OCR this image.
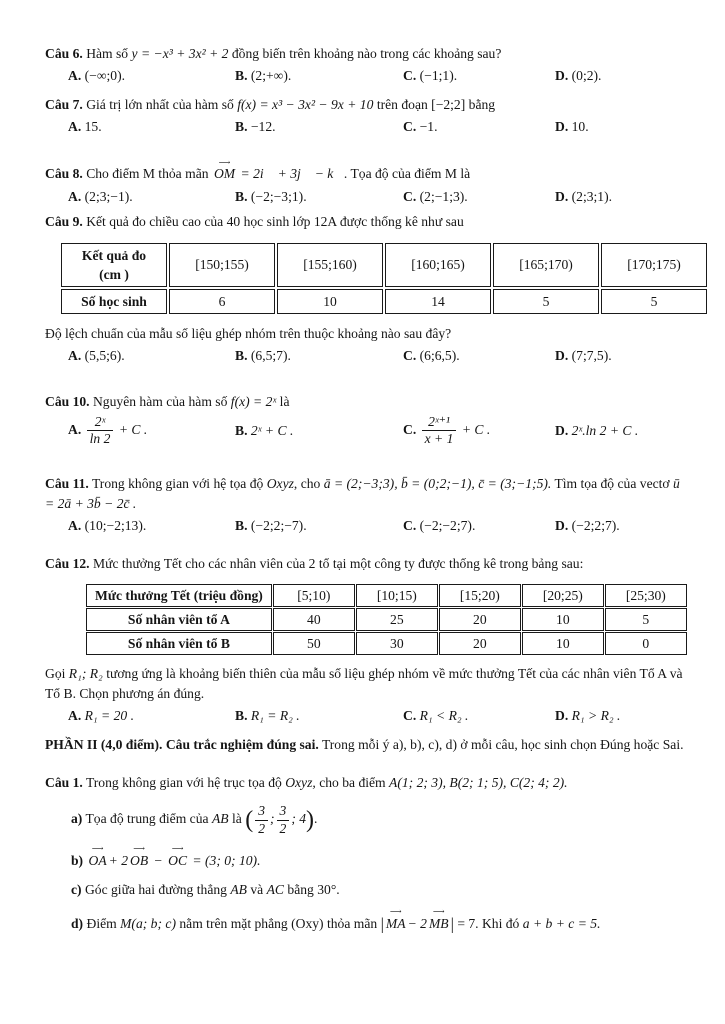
Câu 6. Hàm số y = −x³ + 3x² + 2 đồng biến trên khoảng nào trong các khoảng sau?

A. (−∞;0).	B. (2;+∞).	C. (−1;1).	D. (0;2).

Câu 7. Giá trị lớn nhất của hàm số f(x) = x³ − 3x² − 9x + 10 trên đoạn [−2;2] bằng

A. 15.	B. −12.	C. −1.	D. 10.

Câu 8. Cho điểm M thỏa mãn OM ⟶ = 2i⃗ + 3j⃗ − k⃗. Tọa độ của điểm M là

A. (2;3;−1).	B. (−2;−3;1).	C. (2;−1;3).	D. (2;3;1).

Câu 9. Kết quả đo chiều cao của 40 học sinh lớp 12A được thống kê như sau

Kết quả đo (cm )	[150;155)	[155;160)	[160;165)	[165;170)	[170;175)
Số học sinh	6	10	14	5	5

Độ lệch chuẩn của mẫu số liệu ghép nhóm trên thuộc khoảng nào sau đây?

A. (5,5;6).	B. (6,5;7).	C. (6;6,5).	D. (7;7,5).

Câu 10. Nguyên hàm của hàm số f(x) = 2ˣ là

A. $\frac{\text{2ˣ}}{\ln 2} + C$ .	B. 2ˣ + C .	C. $\frac{\text{2ˣ⁺¹}}{x + 1} + C$ .	D. 2ˣ.ln 2 + C .

Câu 11. Trong không gian với hệ tọa độ Oxyz, cho ā = (2;−3;3), b̄ = (0;2;−1), c̄ = (3;−1;5). Tìm tọa độ của vectơ ū = 2ā + 3b̄ − 2c̄ .

A. (10;−2;13).	B. (−2;2;−7).	C. (−2;−2;7).	D. (−2;2;7).

Câu 12. Mức thưởng Tết cho các nhân viên của 2 tổ tại một công ty được thống kê trong bảng sau:

Mức thưởng Tết (triệu đồng)	[5;10)	[10;15)	[15;20)	[20;25)	[25;30)
Số nhân viên tổ A	40	25	20	10	5
Số nhân viên tổ B	50	30	20	10	0

Gọi R₁; R₂ tương ứng là khoảng biến thiên của mẫu số liệu ghép nhóm về mức thưởng Tết của các nhân viên Tổ A và Tổ B. Chọn phương án đúng.

A. R₁ = 20 .	B. R₁ = R₂ .	C. R₁ < R₂ .	D. R₁ > R₂ .

PHẦN II (4,0 điểm). Câu trắc nghiệm đúng sai. Trong mỗi ý a), b), c), d) ở mỗi câu, học sinh chọn Đúng hoặc Sai.

Câu 1. Trong không gian với hệ trục tọa độ Oxyz, cho ba điểm A(1; 2; 3), B(2; 1; 5), C(2; 4; 2).

a) Tọa độ trung điểm của AB là ( $\frac{3}{2}$ ; $\frac{3}{2}$ ; 4).

b) OA ⟶ + 2 OB ⟶ − OC ⟶ = (3; 0; 10).

c) Góc giữa hai đường thẳng AB và AC bằng 30°.

d) Điểm M(a; b; c) nằm trên mặt phẳng (Oxy) thỏa mãn | MA ⟶ − 2 MB ⟶ | = 7. Khi đó a + b + c = 5.
